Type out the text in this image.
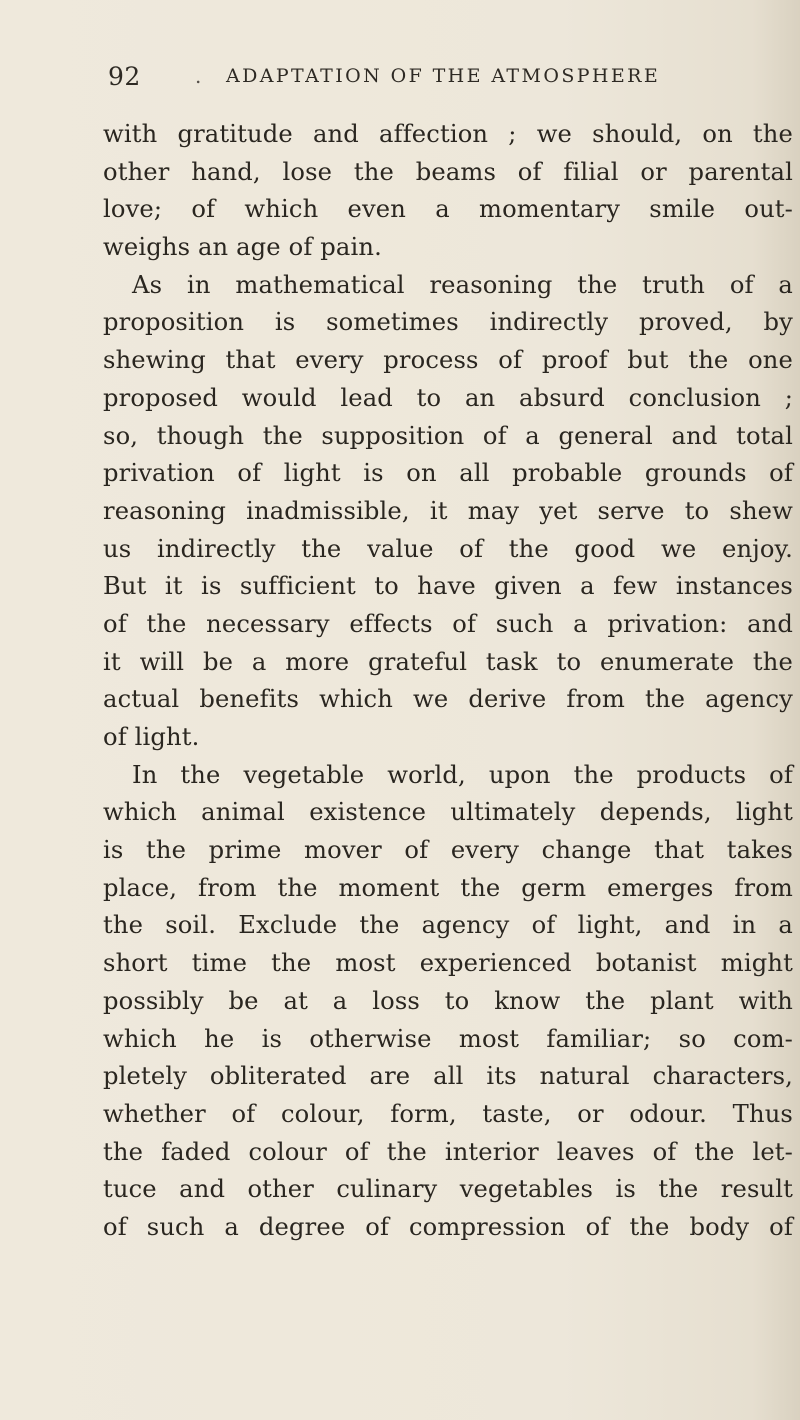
92	. ADAPTATION OF THE ATMOSPHERE
with gratitude and affection ; we should, on the
other hand, lose the beams of filial or parental
love; of which even a momentary smile out-
weighs an age of pain.
As in mathematical reasoning the truth of a
proposition is sometimes indirectly proved, by
shewing that every process of proof but the one
proposed would lead to an absurd conclusion ;
so, though the supposition of a general and total
privation of light is on all probable grounds of
reasoning inadmissible, it may yet serve to shew
us indirectly the value of the good we enjoy.
But it is sufficient to have given a few instances
of the necessary effects of such a privation: and
it will be a more grateful task to enumerate the
actual benefits which we derive from the agency
of light.
In the vegetable world, upon the products of
which animal existence ultimately depends, light
is the prime mover of every change that takes
place, from the moment the germ emerges from
the soil. Exclude the agency of light, and in a
short time the most experienced botanist might
possibly be at a loss to know the plant with
which he is otherwise most familiar; so com-
pletely obliterated are all its natural characters,
whether of colour, form, taste, or odour. Thus
the faded colour of the interior leaves of the let-
tuce and other culinary vegetables is the result
of such a degree of compression of the body of
